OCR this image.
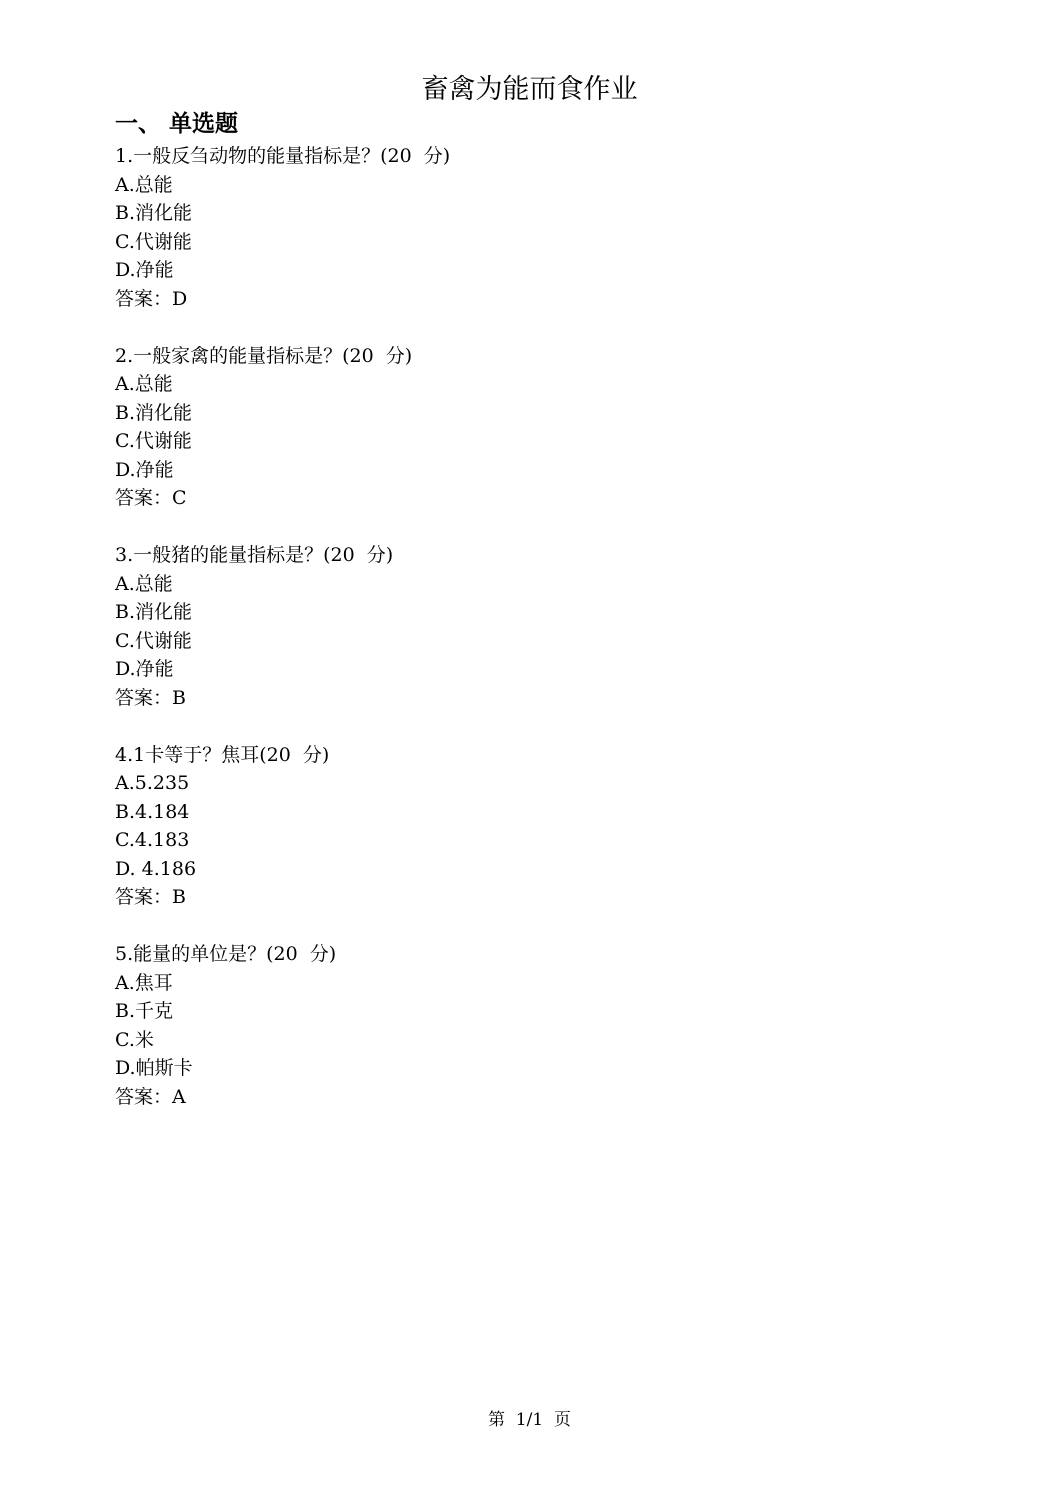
畜禽为能而食作业
一、 单选题
1.一般反刍动物的能量指标是？(20  分)
A.总能
B.消化能
C.代谢能
D.净能
答案：D
2.一般家禽的能量指标是？(20  分)
A.总能
B.消化能
C.代谢能
D.净能
答案：C
3.一般猪的能量指标是？(20  分)
A.总能
B.消化能
C.代谢能
D.净能
答案：B
4.1卡等于？焦耳(20  分)
A.5.235
B.4.184
C.4.183
D. 4.186
答案：B
5.能量的单位是？(20  分)
A.焦耳
B.千克
C.米
D.帕斯卡
答案：A
第  1/1  页
